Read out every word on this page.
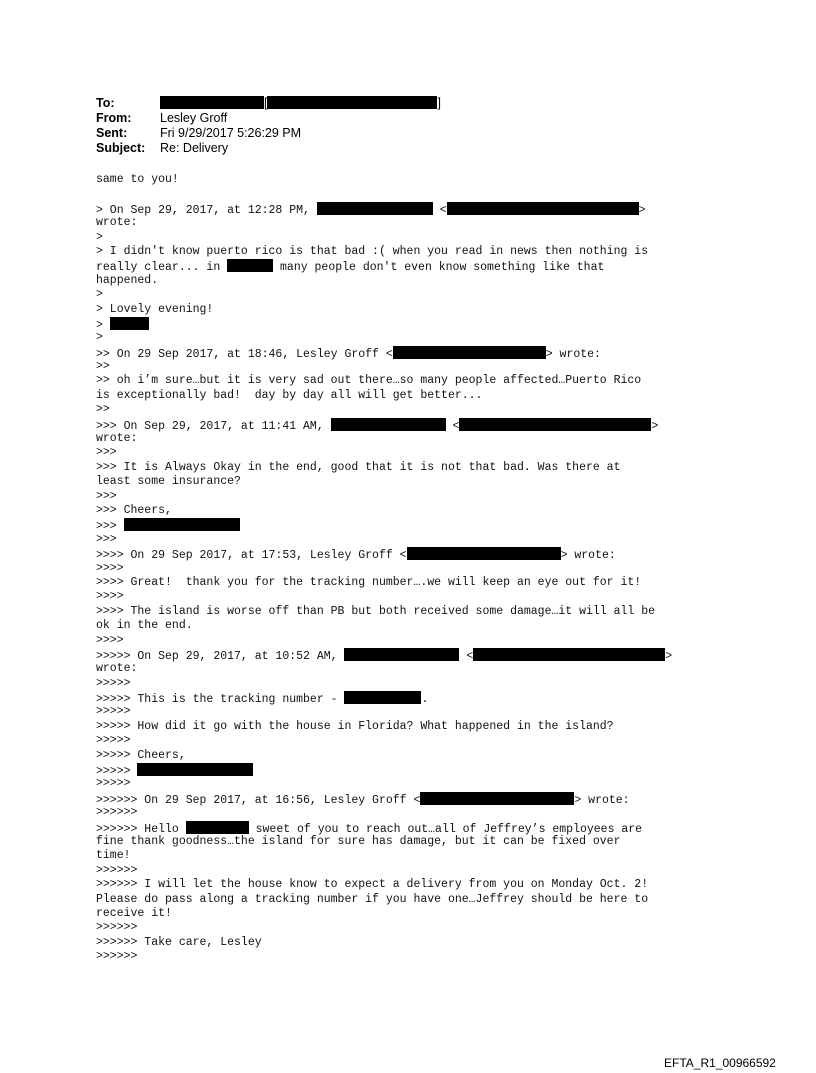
To:	[	]
From: Lesley Groff
Sent:	Fri 9/29/2017 5:26:29 PM
Subject: Re: Delivery
same to you!
> On Sep 29, 2017, at 12:28 PM,	<	>
wrote:
>
> I didn't know puerto rico is that bad :( when you read in news then nothing is
really clear... in	many people don't even know something like that
happened.
>
> Lovely evening!
>
>
>> On 29 Sep 2017, at 18:46, Lesley Groff <	> wrote:
>>
>> oh i’m sure…but it is very sad out there…so many people affected…Puerto Rico
is exceptionally bad!  day by day all will get better...
>>
>>> On Sep 29, 2017, at 11:41 AM,	<	>
wrote:
>>>
>>> It is Always Okay in the end, good that it is not that bad. Was there at
least some insurance?
>>>
>>> Cheers,
>>>
>>>
>>>> On 29 Sep 2017, at 17:53, Lesley Groff <	> wrote:
>>>>
>>>> Great!  thank you for the tracking number….we will keep an eye out for it!
>>>>
>>>> The island is worse off than PB but both received some damage…it will all be
ok in the end.
>>>>
>>>>> On Sep 29, 2017, at 10:52 AM,	<	>
wrote:
>>>>>
>>>>> This is the tracking number -	.
>>>>>
>>>>> How did it go with the house in Florida? What happened in the island?
>>>>>
>>>>> Cheers,
>>>>>
>>>>>
>>>>>> On 29 Sep 2017, at 16:56, Lesley Groff <	> wrote:
>>>>>>
>>>>>> Hello	sweet of you to reach out…all of Jeffrey’s employees are
fine thank goodness…the island for sure has damage, but it can be fixed over
time!
>>>>>>
>>>>>> I will let the house know to expect a delivery from you on Monday Oct. 2!
Please do pass along a tracking number if you have one…Jeffrey should be here to
receive it!
>>>>>>
>>>>>> Take care, Lesley
>>>>>>
EFTA_R1_00966592
